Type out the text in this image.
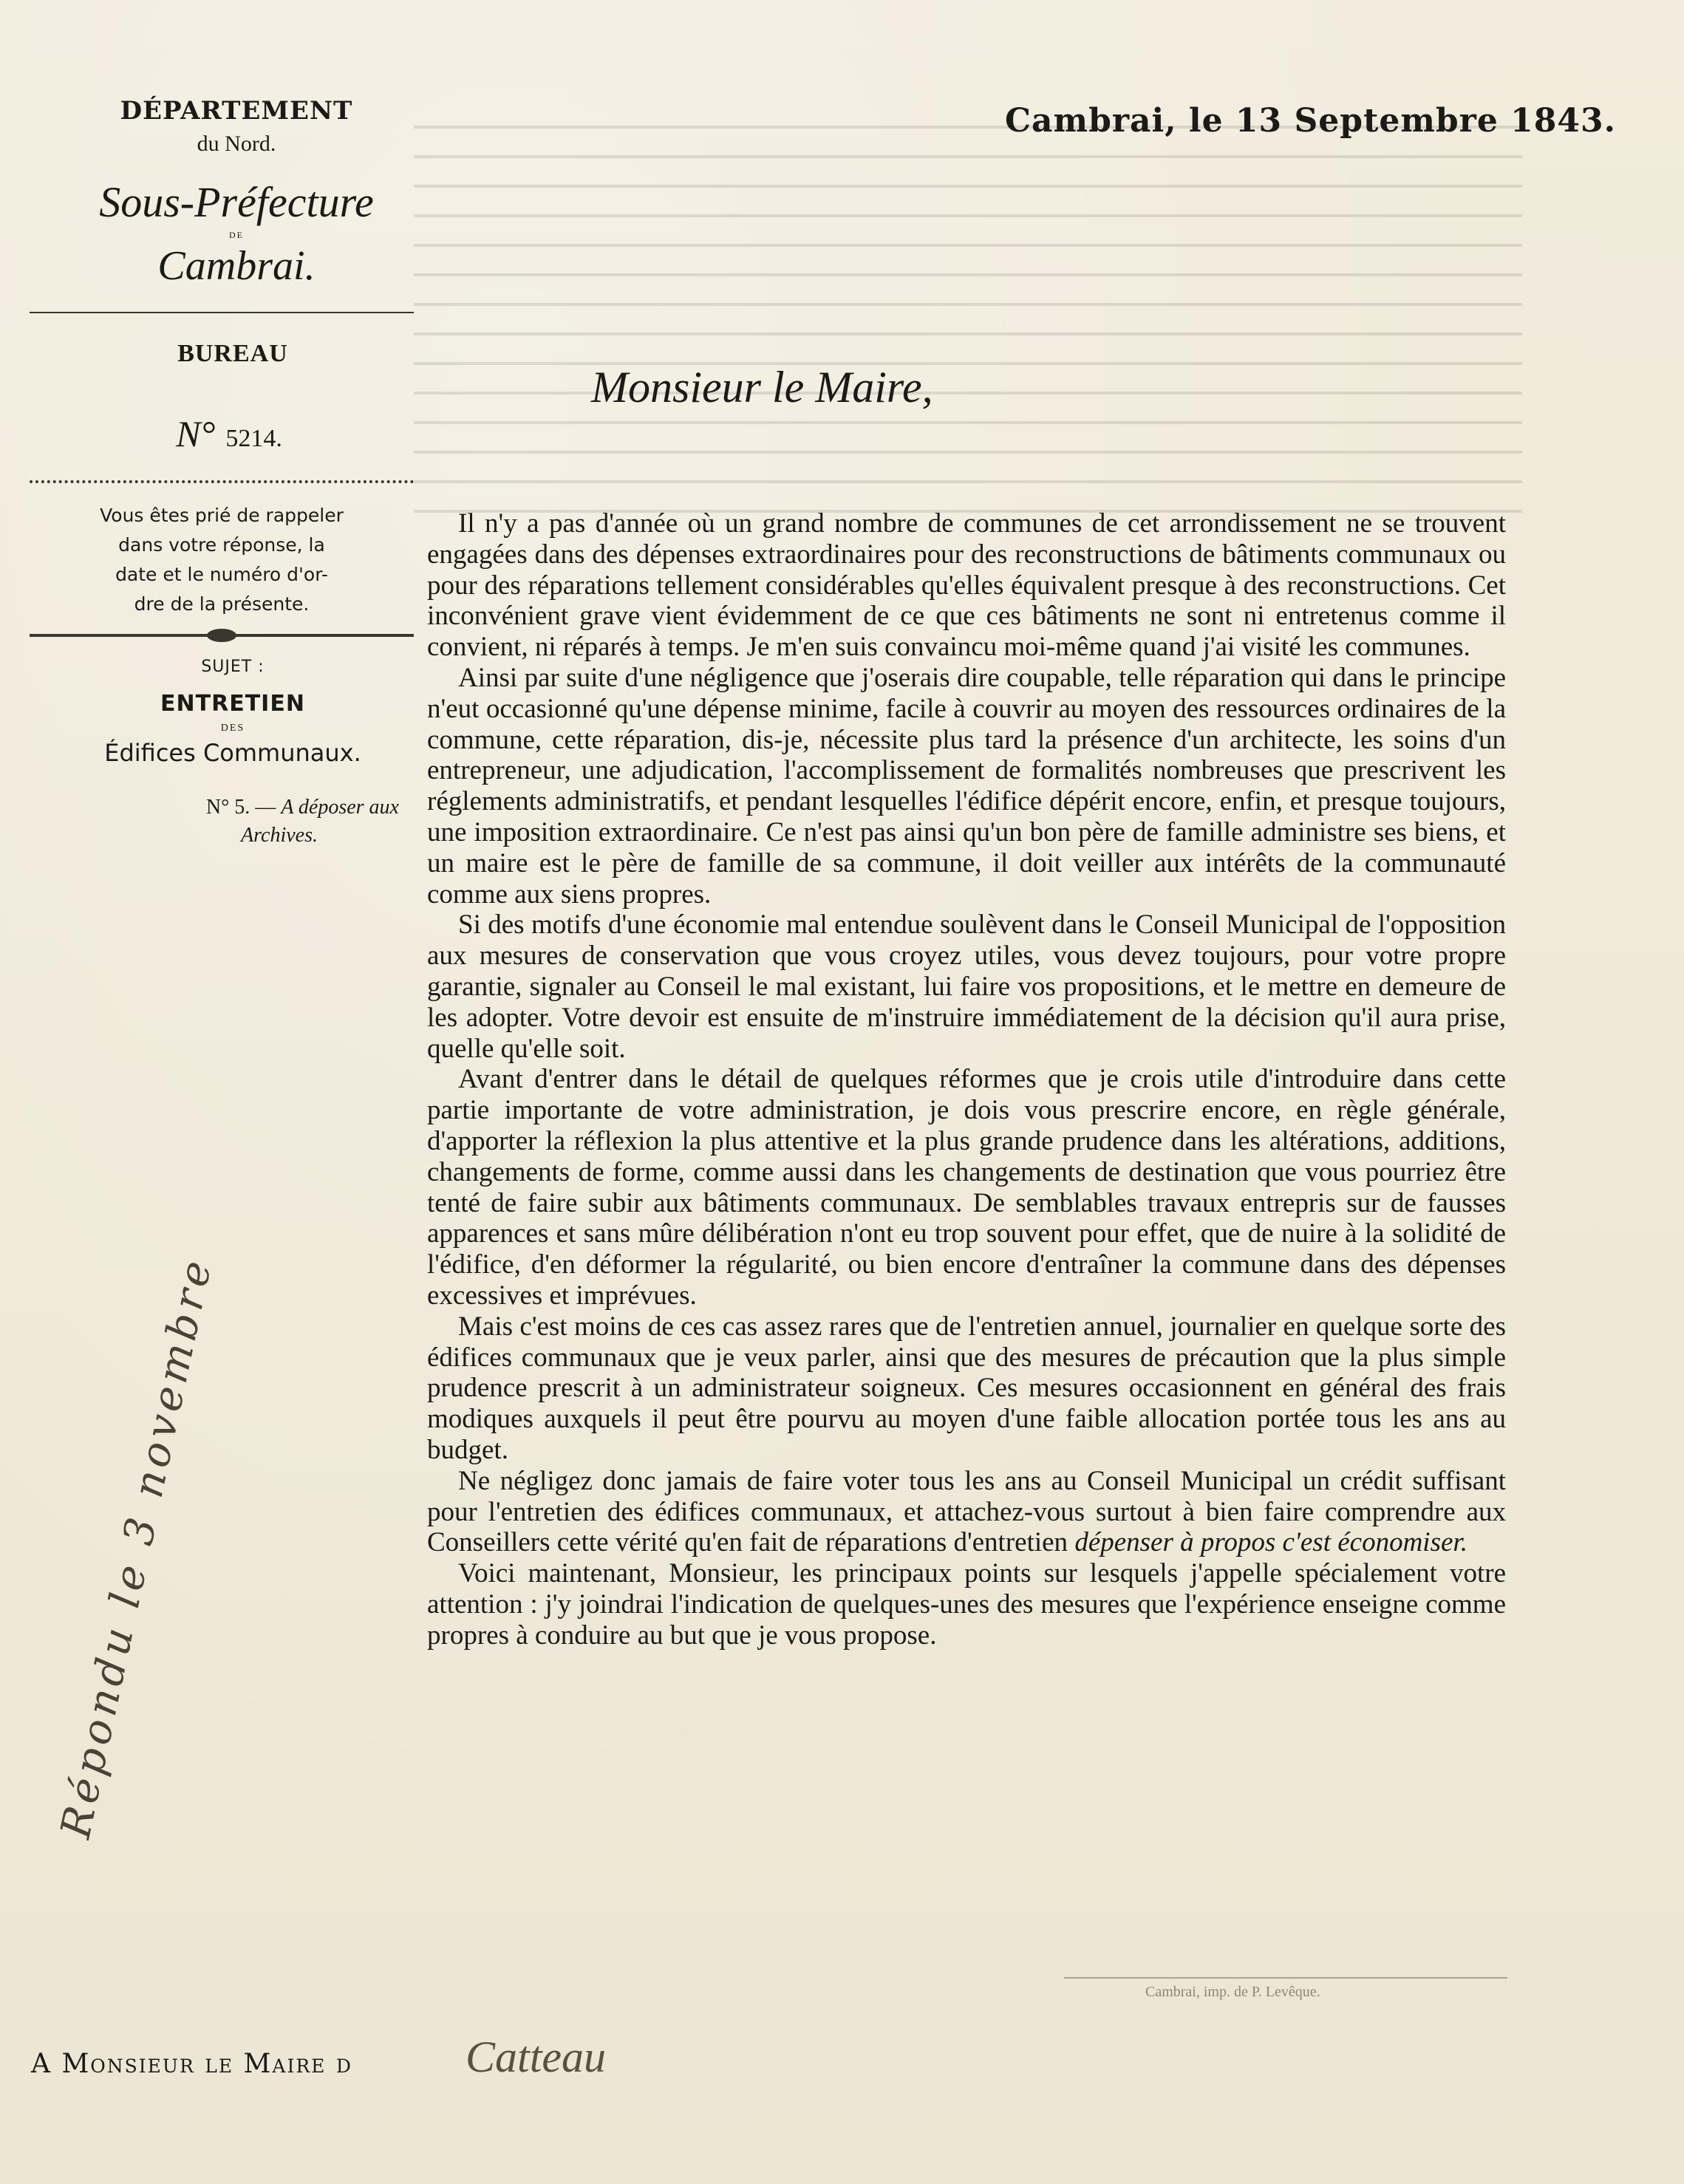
DÉPARTEMENT
du Nord.
Sous-Préfecture
DE
Cambrai.
BUREAU
N° 5214.
Vous êtes prié de rappeler
dans votre réponse, la
date et le numéro d'or-
dre de la présente.
SUJET :
ENTRETIEN
DES
Édifices Communaux.
N° 5. — A déposer aux
Archives.
Répondu le 3 novembre
Cambrai, le 13 Septembre 1843.
Monsieur le Maire,

Il n'y a pas d'année où un grand nombre de communes de cet arrondissement ne se trouvent engagées dans des dépenses extraordinaires pour des reconstructions de bâtiments communaux ou pour des réparations tellement considérables qu'elles équivalent presque à des reconstructions. Cet inconvénient grave vient évidemment de ce que ces bâtiments ne sont ni entretenus comme il convient, ni réparés à temps. Je m'en suis convaincu moi-même quand j'ai visité les communes.

Ainsi par suite d'une négligence que j'oserais dire coupable, telle réparation qui dans le principe n'eut occasionné qu'une dépense minime, facile à couvrir au moyen des ressources ordinaires de la commune, cette réparation, dis-je, nécessite plus tard la présence d'un architecte, les soins d'un entrepreneur, une adjudication, l'accomplissement de formalités nombreuses que prescrivent les réglements administratifs, et pendant lesquelles l'édifice dépérit encore, enfin, et presque toujours, une imposition extraordinaire. Ce n'est pas ainsi qu'un bon père de famille administre ses biens, et un maire est le père de famille de sa commune, il doit veiller aux intérêts de la communauté comme aux siens propres.

Si des motifs d'une économie mal entendue soulèvent dans le Conseil Municipal de l'opposition aux mesures de conservation que vous croyez utiles, vous devez toujours, pour votre propre garantie, signaler au Conseil le mal existant, lui faire vos propositions, et le mettre en demeure de les adopter. Votre devoir est ensuite de m'instruire immédiatement de la décision qu'il aura prise, quelle qu'elle soit.

Avant d'entrer dans le détail de quelques réformes que je crois utile d'introduire dans cette partie importante de votre administration, je dois vous prescrire encore, en règle générale, d'apporter la réflexion la plus attentive et la plus grande prudence dans les altérations, additions, changements de forme, comme aussi dans les changements de destination que vous pourriez être tenté de faire subir aux bâtiments communaux. De semblables travaux entrepris sur de fausses apparences et sans mûre délibération n'ont eu trop souvent pour effet, que de nuire à la solidité de l'édifice, d'en déformer la régularité, ou bien encore d'entraîner la commune dans des dépenses excessives et imprévues.

Mais c'est moins de ces cas assez rares que de l'entretien annuel, journalier en quelque sorte des édifices communaux que je veux parler, ainsi que des mesures de précaution que la plus simple prudence prescrit à un administrateur soigneux. Ces mesures occasionnent en général des frais modiques auxquels il peut être pourvu au moyen d'une faible allocation portée tous les ans au budget.

Ne négligez donc jamais de faire voter tous les ans au Conseil Municipal un crédit suffisant pour l'entretien des édifices communaux, et attachez-vous surtout à bien faire comprendre aux Conseillers cette vérité qu'en fait de réparations d'entretien dépenser à propos c'est économiser.

Voici maintenant, Monsieur, les principaux points sur lesquels j'appelle spécialement votre attention : j'y joindrai l'indication de quelques-unes des mesures que l'expérience enseigne comme propres à conduire au but que je vous propose.

Cambrai, imp. de P. Levêque.
A Monsieur le Maire d	Catteau
